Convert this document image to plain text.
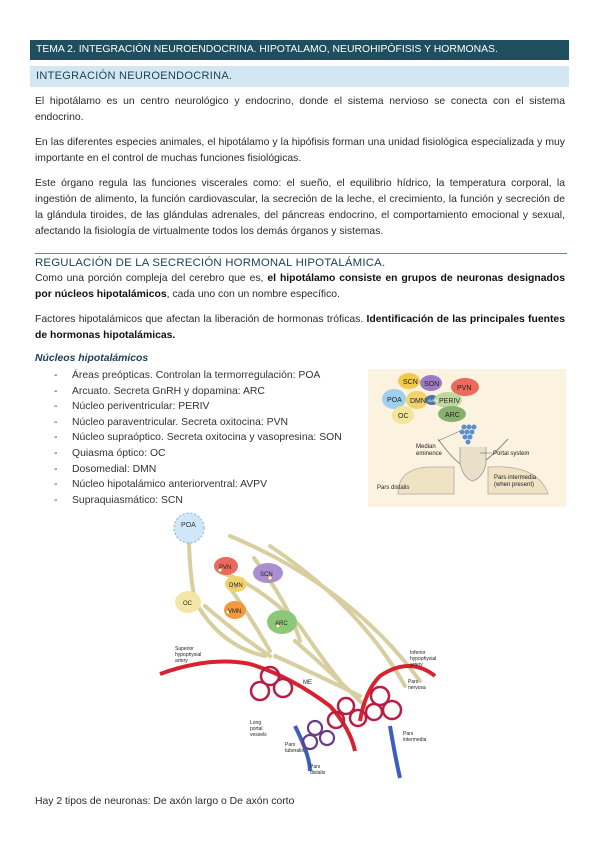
TEMA 2. INTEGRACIÓN NEUROENDOCRINA. HIPOTALAMO, NEUROHIPÓFISIS Y HORMONAS.
INTEGRACIÓN NEUROENDOCRINA.
El hipotálamo es un centro neurológico y endocrino, donde el sistema nervioso se conecta con el sistema endocrino.
En las diferentes especies animales, el hipotálamo y la hipófisis forman una unidad fisiológica especializada y muy importante en el control de muchas funciones fisiológicas.
Este órgano regula las funciones viscerales como: el sueño, el equilibrio hídrico, la temperatura corporal, la ingestión de alimento, la función cardiovascular, la secreción de la leche, el crecimiento, la función y secreción de la glándula tiroides, de las glándulas adrenales, del páncreas endocrino, el comportamiento emocional y sexual, afectando la fisiología de virtualmente todos los demás órganos y sistemas.
REGULACIÓN DE LA SECRECIÓN HORMONAL HIPOTALÁMICA.
Como una porción compleja del cerebro que es, el hipotálamo consiste en grupos de neuronas designados por núcleos hipotalámicos, cada uno con un nombre específico.
Factores hipotalámicos que afectan la liberación de hormonas tróficas. Identificación de las principales fuentes de hormonas hipotalámicas.
Núcleos hipotalámicos
- Áreas preópticas. Controlan la termorregulación: POA
- Arcuato. Secreta GnRH y dopamina: ARC
- Núcleo periventricular: PERIV
- Núcleo paraventricular. Secreta oxitocina: PVN
- Núcleo supraóptico. Secreta oxitocina y vasopresina: SON
- Quiasma óptico: OC
- Dosomedial: DMN
- Núcleo hipotalámico anteriorventral: AVPV
- Supraquiasmático: SCN
SCN SON
PVN
POA DMN AVPV PERIV
OC	ARC
Median
eminence	Portal system
Pars distalis
Pars intermedia
(when present)
POA
PVN
DMN
SCN
OC
VMN
ARC
ME
Superior
hypophysial
artery
Inferior
hypophysial
artery
Pars
nervosa
Long
portal
vessels
Pars
tuberalis
Pars
intermedia
Pars
distalis
Hay 2 tipos de neuronas: De axón largo o De axón corto
